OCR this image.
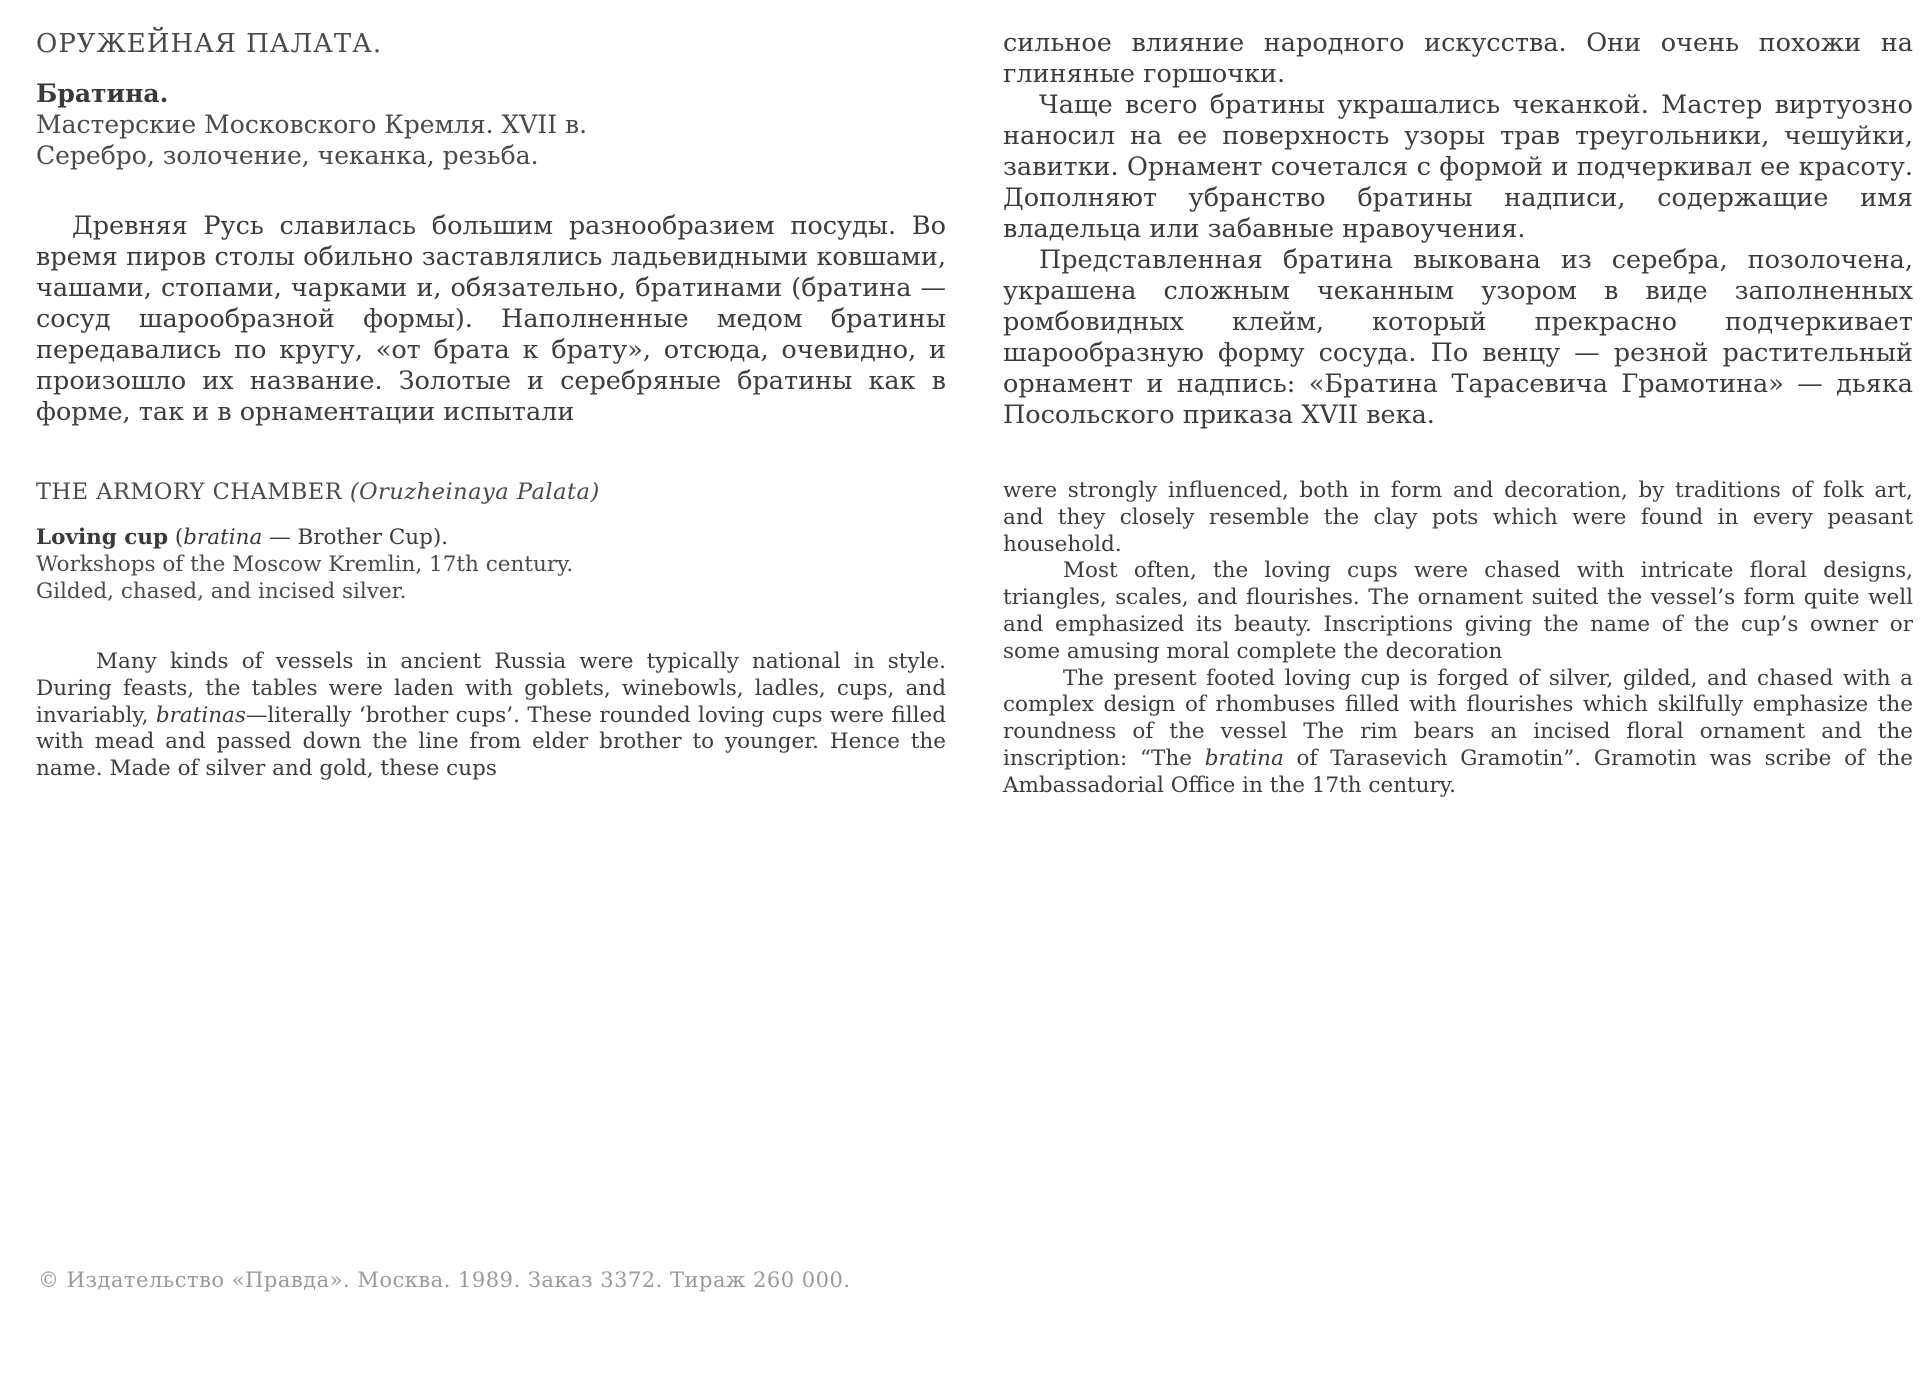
ОРУЖЕЙНАЯ ПАЛАТА.
Братина.
Мастерские Московского Кремля. XVII в.
Серебро, золочение, чеканка, резьба.

Древняя Русь славилась большим разнообразием посуды. Во время пиров столы обильно заставлялись ладьевидными ковшами, чашами, стопами, чарками и, обязательно, братинами (братина — сосуд шарообразной формы). Наполненные медом братины передавались по кругу, «от брата к брату», отсюда, очевидно, и произошло их название. Золотые и серебряные братины как в форме, так и в орнаментации испытали

сильное влияние народного искусства. Они очень похожи на глиняные горшочки.

Чаще всего братины украшались чеканкой. Мастер виртуозно наносил на ее поверхность узоры трав треугольники, чешуйки, завитки. Орнамент сочетался с формой и подчеркивал ее красоту. Дополняют убранство братины надписи, содержащие имя владельца или забавные нравоучения.

Представленная братина выкована из серебра, позолочена, украшена сложным чеканным узором в виде заполненных ромбовидных клейм, который прекрасно подчеркивает шарообразную форму сосуда. По венцу — резной растительный орнамент и надпись: «Братина Тарасевича Грамотина» — дьяка Посольского приказа XVII века.

THE ARMORY CHAMBER (Oruzheinaya Palata)
Loving cup (bratina — Brother Cup).
Workshops of the Moscow Kremlin, 17th century.
Gilded, chased, and incised silver.

Many kinds of vessels in ancient Russia were typically national in style. During feasts, the tables were laden with goblets, winebowls, ladles, cups, and invariably, bratinas—literally ‘brother cups’. These rounded loving cups were filled with mead and passed down the line from elder brother to younger. Hence the name. Made of silver and gold, these cups

were strongly influenced, both in form and decoration, by traditions of folk art, and they closely resemble the clay pots which were found in every peasant household.

Most often, the loving cups were chased with intricate floral designs, triangles, scales, and flourishes. The ornament suited the vessel’s form quite well and emphasized its beauty. Inscriptions giving the name of the cup’s owner or some amusing moral complete the decoration

The present footed loving cup is forged of silver, gilded, and chased with a complex design of rhombuses filled with flourishes which skilfully emphasize the roundness of the vessel The rim bears an incised floral ornament and the inscription: “The bratina of Tarasevich Gramotin”. Gramotin was scribe of the Ambassadorial Office in the 17th century.

© Издательство «Правда». Москва. 1989. Заказ 3372. Тираж 260 000.
